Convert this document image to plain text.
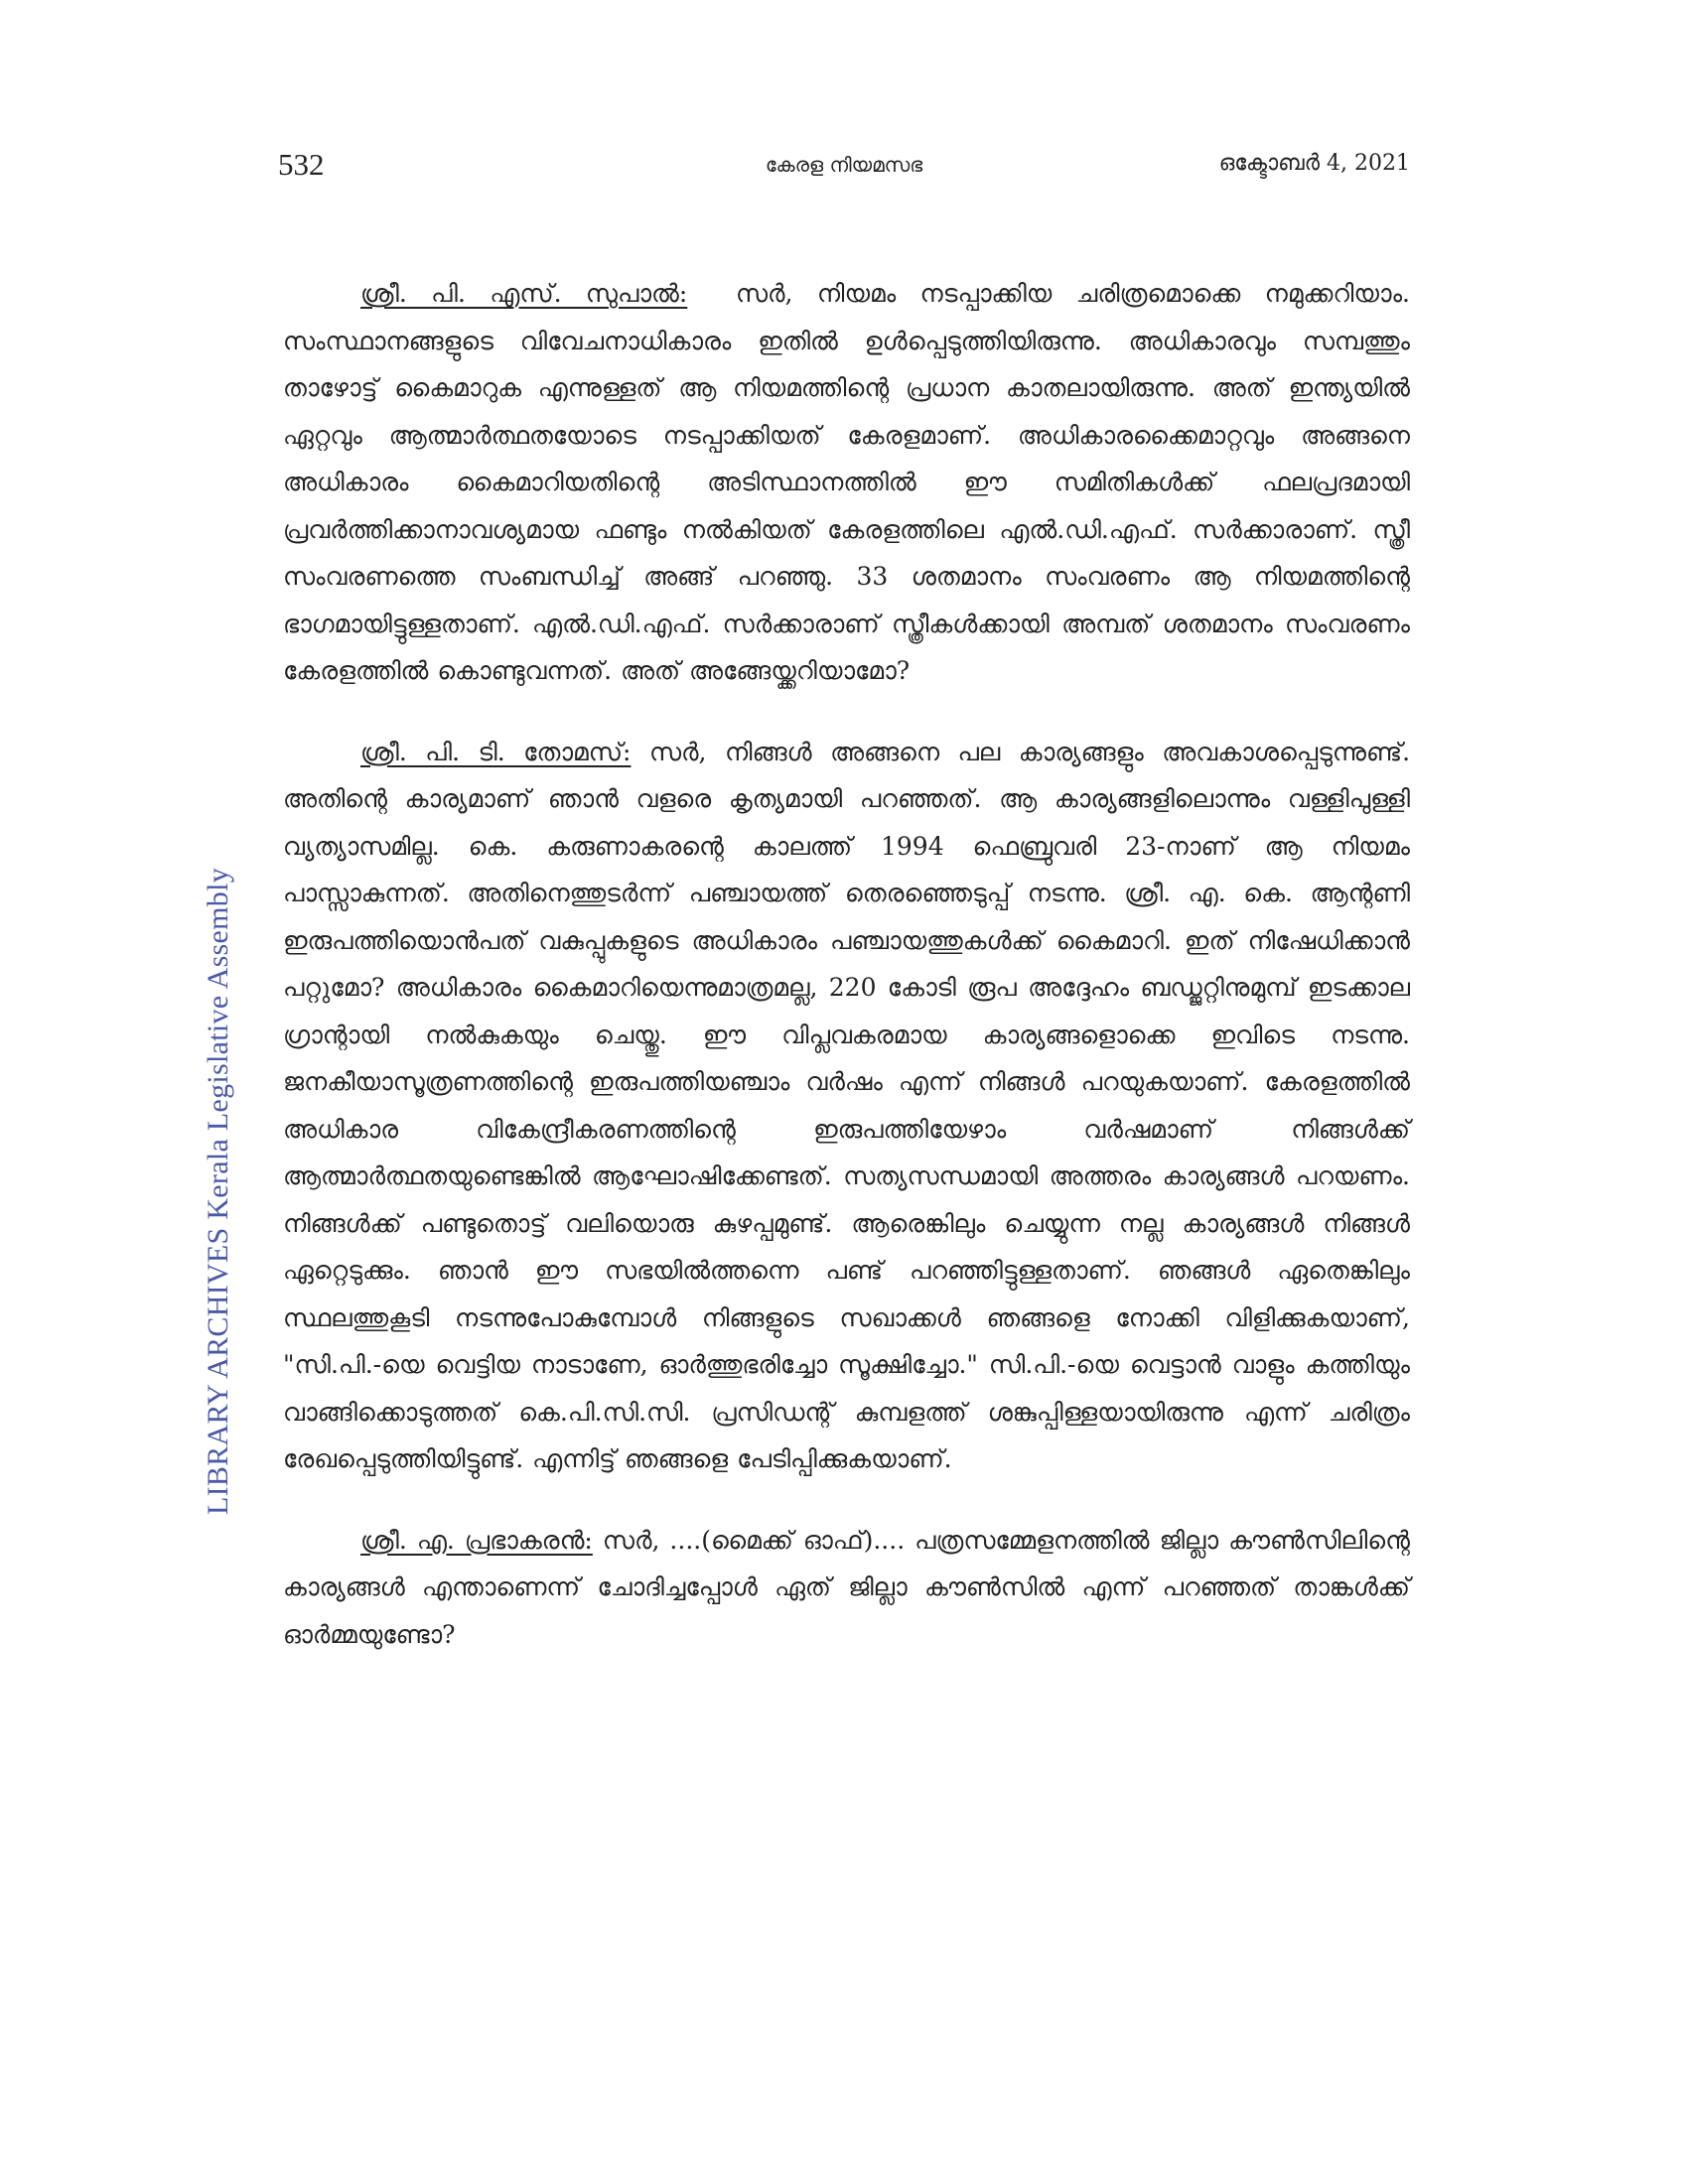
532	കേരള നിയമസഭ	ഒക്ടോബർ 4, 2021
LIBRARY ARCHIVES Kerala Legislative Assembly

ശ്രീ. പി. എസ്. സുപാൽ: സർ, നിയമം നടപ്പാക്കിയ ചരിത്രമൊക്കെ നമുക്കറിയാം. സംസ്ഥാനങ്ങളുടെ വിവേചനാധികാരം ഇതിൽ ഉൾപ്പെടുത്തിയിരുന്നു. അധികാരവും സമ്പത്തും താഴോട്ട് കൈമാറുക എന്നുള്ളത് ആ നിയമത്തിന്റെ പ്രധാന കാതലായിരുന്നു. അത് ഇന്ത്യയിൽ ഏറ്റവും ആത്മാർത്ഥതയോടെ നടപ്പാക്കിയത് കേരളമാണ്. അധികാരക്കൈമാറ്റവും അങ്ങനെ അധികാരം കൈമാറിയതിന്റെ അടിസ്ഥാനത്തിൽ ഈ സമിതികൾക്ക് ഫലപ്രദമായി പ്രവർത്തിക്കാനാവശ്യമായ ഫണ്ടും നൽകിയത് കേരളത്തിലെ എൽ.ഡി.എഫ്. സർക്കാരാണ്. സ്ത്രീ സംവരണത്തെ സംബന്ധിച്ച് അങ്ങ് പറഞ്ഞു. 33 ശതമാനം സംവരണം ആ നിയമത്തിന്റെ ഭാഗമായിട്ടുള്ളതാണ്. എൽ.ഡി.എഫ്. സർക്കാരാണ് സ്ത്രീകൾക്കായി അമ്പത് ശതമാനം സംവരണം കേരളത്തിൽ കൊണ്ടുവന്നത്. അത് അങ്ങേയ്ക്കറിയാമോ?

ശ്രീ. പി. ടി. തോമസ്: സർ, നിങ്ങൾ അങ്ങനെ പല കാര്യങ്ങളും അവകാശപ്പെടുന്നുണ്ട്. അതിന്റെ കാര്യമാണ് ഞാൻ വളരെ കൃത്യമായി പറഞ്ഞത്. ആ കാര്യങ്ങളിലൊന്നും വള്ളിപുള്ളി വ്യത്യാസമില്ല. കെ. കരുണാകരന്റെ കാലത്ത് 1994 ഫെബ്രുവരി 23-നാണ് ആ നിയമം പാസ്സാകുന്നത്. അതിനെത്തുടർന്ന് പഞ്ചായത്ത് തെരഞ്ഞെടുപ്പ് നടന്നു. ശ്രീ. എ. കെ. ആന്റണി ഇരുപത്തിയൊൻപത് വകുപ്പുകളുടെ അധികാരം പഞ്ചായത്തുകൾക്ക് കൈമാറി. ഇത് നിഷേധിക്കാൻ പറ്റുമോ? അധികാരം കൈമാറിയെന്നുമാത്രമല്ല, 220 കോടി രൂപ അദ്ദേഹം ബഡ്ജറ്റിനുമുമ്പ് ഇടക്കാല ഗ്രാന്റായി നൽകുകയും ചെയ്തു. ഈ വിപ്ലവകരമായ കാര്യങ്ങളൊക്കെ ഇവിടെ നടന്നു. ജനകീയാസൂത്രണത്തിന്റെ ഇരുപത്തിയഞ്ചാം വർഷം എന്ന് നിങ്ങൾ പറയുകയാണ്. കേരളത്തിൽ അധികാര വികേന്ദ്രീകരണത്തിന്റെ ഇരുപത്തിയേഴാം വർഷമാണ് നിങ്ങൾക്ക് ആത്മാർത്ഥതയുണ്ടെങ്കിൽ ആഘോഷിക്കേണ്ടത്. സത്യസന്ധമായി അത്തരം കാര്യങ്ങൾ പറയണം. നിങ്ങൾക്ക് പണ്ടുതൊട്ട് വലിയൊരു കുഴപ്പമുണ്ട്. ആരെങ്കിലും ചെയ്യുന്ന നല്ല കാര്യങ്ങൾ നിങ്ങൾ ഏറ്റെടുക്കും. ഞാൻ ഈ സഭയിൽത്തന്നെ പണ്ട് പറഞ്ഞിട്ടുള്ളതാണ്. ഞങ്ങൾ ഏതെങ്കിലും സ്ഥലത്തുകൂടി നടന്നുപോകുമ്പോൾ നിങ്ങളുടെ സഖാക്കൾ ഞങ്ങളെ നോക്കി വിളിക്കുകയാണ്, "സി.പി.-യെ വെട്ടിയ നാടാണേ, ഓർത്തുഭരിച്ചോ സൂക്ഷിച്ചോ." സി.പി.-യെ വെട്ടാൻ വാളും കത്തിയും വാങ്ങിക്കൊടുത്തത് കെ.പി.സി.സി. പ്രസിഡന്റ് കുമ്പളത്ത് ശങ്കുപ്പിള്ളയായിരുന്നു എന്ന് ചരിത്രം രേഖപ്പെടുത്തിയിട്ടുണ്ട്. എന്നിട്ട് ഞങ്ങളെ പേടിപ്പിക്കുകയാണ്.

ശ്രീ. എ. പ്രഭാകരൻ: സർ, ....(മൈക്ക് ഓഫ്).... പത്രസമ്മേളനത്തിൽ ജില്ലാ കൗൺസിലിന്റെ കാര്യങ്ങൾ എന്താണെന്ന് ചോദിച്ചപ്പോൾ ഏത് ജില്ലാ കൗൺസിൽ എന്ന് പറഞ്ഞത് താങ്കൾക്ക് ഓർമ്മയുണ്ടോ?
